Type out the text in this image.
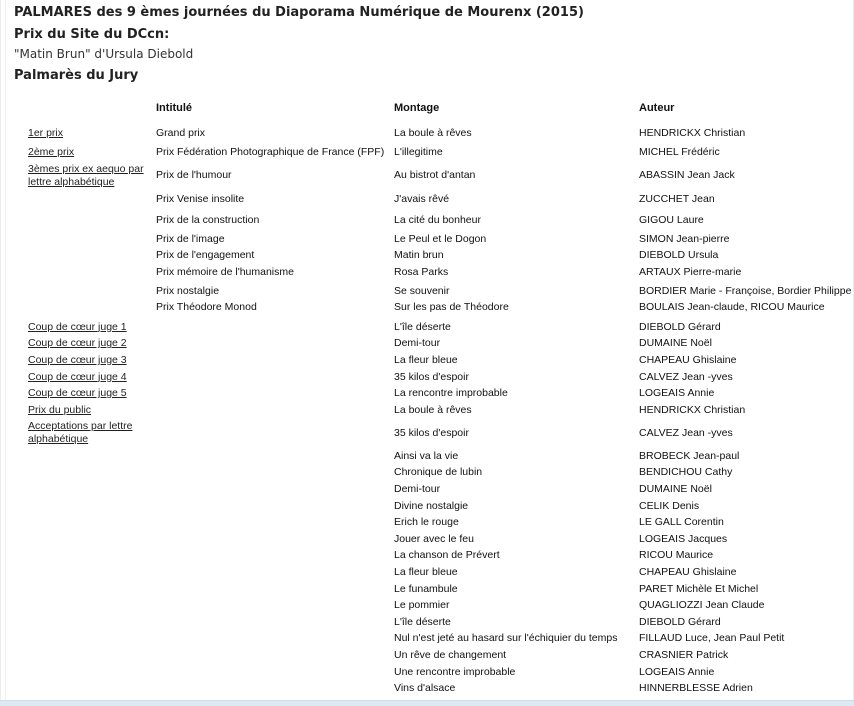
PALMARES des 9 èmes journées du Diaporama Numérique de Mourenx (2015)
Prix du Site du DCcn:
"Matin Brun" d'Ursula Diebold
Palmarès du Jury
	Intitulé	Montage	Auteur
1er prix	Grand prix	La boule à rêves	HENDRICKX Christian
2ème prix	Prix Fédération Photographique de France (FPF)	L'illegitime	MICHEL Frédéric
3èmes prix ex aequo par lettre alphabétique	Prix de l'humour	Au bistrot d'antan	ABASSIN Jean Jack
	Prix Venise insolite	J'avais rêvé	ZUCCHET Jean
	Prix de la construction	La cité du bonheur	GIGOU Laure
	Prix de l'image	Le Peul et le Dogon	SIMON Jean-pierre
	Prix de l'engagement	Matin brun	DIEBOLD Ursula
	Prix mémoire de l'humanisme	Rosa Parks	ARTAUX Pierre-marie
	Prix nostalgie	Se souvenir	BORDIER Marie - Françoise, Bordier Philippe
	Prix Théodore Monod	Sur les pas de Théodore	BOULAIS Jean-claude, RICOU Maurice
Coup de cœur juge 1		L'île déserte	DIEBOLD Gérard
Coup de cœur juge 2		Demi-tour	DUMAINE Noël
Coup de cœur juge 3		La fleur bleue	CHAPEAU Ghislaine
Coup de cœur juge 4		35 kilos d'espoir	CALVEZ Jean -yves
Coup de cœur juge 5		La rencontre improbable	LOGEAIS Annie
Prix du public		La boule à rêves	HENDRICKX Christian
Acceptations par lettre alphabétique		35 kilos d'espoir	CALVEZ Jean -yves
		Ainsi va la vie	BROBECK Jean-paul
		Chronique de lubin	BENDICHOU Cathy
		Demi-tour	DUMAINE Noël
		Divine nostalgie	CELIK Denis
		Erich le rouge	LE GALL Corentin
		Jouer avec le feu	LOGEAIS Jacques
		La chanson de Prévert	RICOU Maurice
		La fleur bleue	CHAPEAU Ghislaine
		Le funambule	PARET Michèle Et Michel
		Le pommier	QUAGLIOZZI Jean Claude
		L'île déserte	DIEBOLD Gérard
		Nul n'est jeté au hasard sur l'échiquier du temps	FILLAUD Luce, Jean Paul Petit
		Un rêve de changement	CRASNIER Patrick
		Une rencontre improbable	LOGEAIS Annie
		Vins d'alsace	HINNERBLESSE Adrien
